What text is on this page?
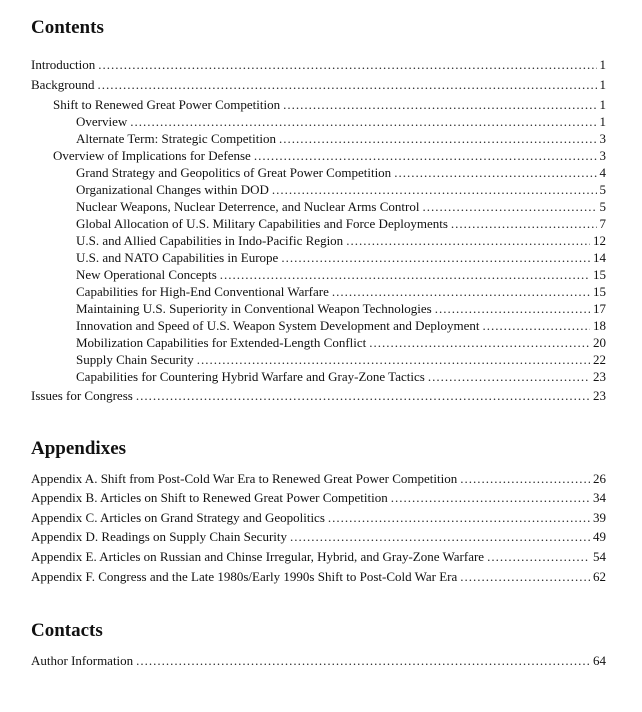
Contents
Introduction .....	1
Background .....	1
Shift to Renewed Great Power Competition .....	1
Overview .....	1
Alternate Term: Strategic Competition .....	3
Overview of Implications for Defense .....	3
Grand Strategy and Geopolitics of Great Power Competition .....	4
Organizational Changes within DOD .....	5
Nuclear Weapons, Nuclear Deterrence, and Nuclear Arms Control .....	5
Global Allocation of U.S. Military Capabilities and Force Deployments .....	7
U.S. and Allied Capabilities in Indo-Pacific Region .....	12
U.S. and NATO Capabilities in Europe .....	14
New Operational Concepts .....	15
Capabilities for High-End Conventional Warfare .....	15
Maintaining U.S. Superiority in Conventional Weapon Technologies .....	17
Innovation and Speed of U.S. Weapon System Development and Deployment .....	18
Mobilization Capabilities for Extended-Length Conflict .....	20
Supply Chain Security .....	22
Capabilities for Countering Hybrid Warfare and Gray-Zone Tactics .....	23
Issues for Congress .....	23
Appendixes
Appendix A. Shift from Post-Cold War Era to Renewed Great Power Competition .....	26
Appendix B. Articles on Shift to Renewed Great Power Competition .....	34
Appendix C. Articles on Grand Strategy and Geopolitics .....	39
Appendix D. Readings on Supply Chain Security .....	49
Appendix E. Articles on Russian and Chinse Irregular, Hybrid, and Gray-Zone Warfare .....	54
Appendix F. Congress and the Late 1980s/Early 1990s Shift to Post-Cold War Era .....	62
Contacts
Author Information .....	64
